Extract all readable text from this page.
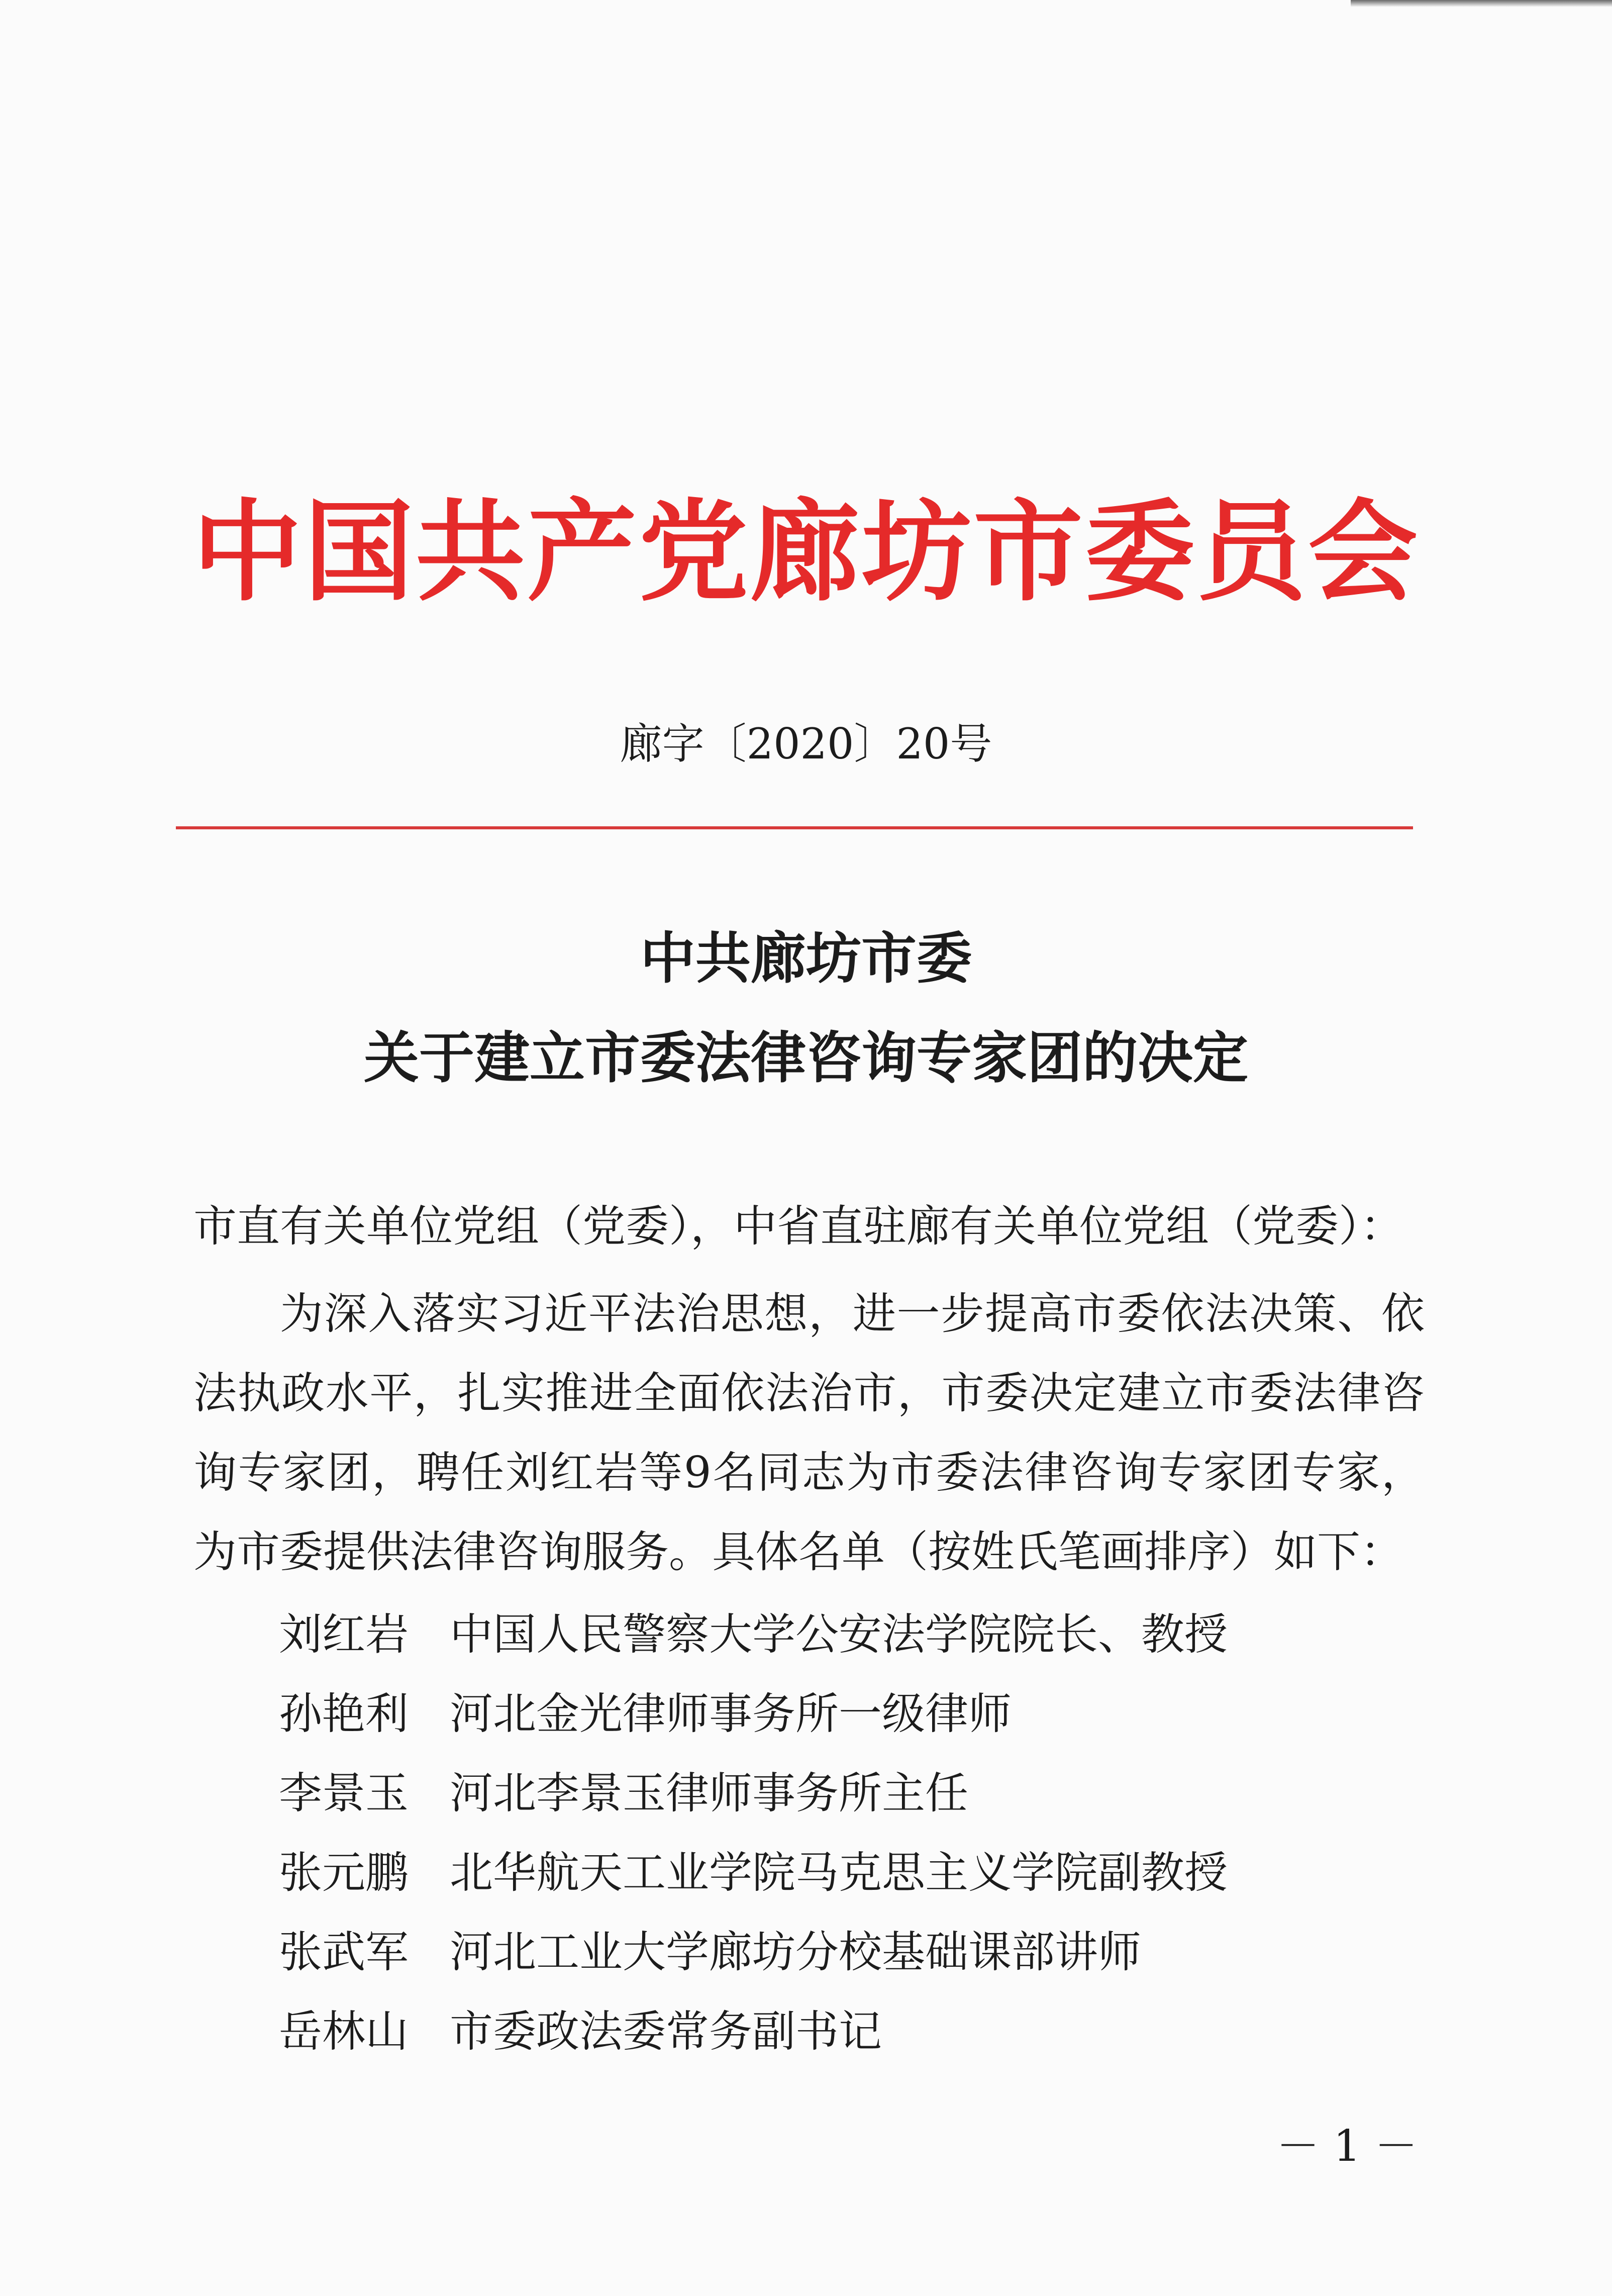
中国共产党廊坊市委员会
廊字〔2020〕20号
中共廊坊市委
关于建立市委法律咨询专家团的决定
市直有关单位党组（党委），中省直驻廊有关单位党组（党委）：
为深入落实习近平法治思想，进一步提高市委依法决策、依法执政水平，扎实推进全面依法治市，市委决定建立市委法律咨询专家团，聘任刘红岩等9名同志为市委法律咨询专家团专家，为市委提供法律咨询服务。具体名单（按姓氏笔画排序）如下：
刘红岩 中国人民警察大学公安法学院院长、教授
孙艳利 河北金光律师事务所一级律师
李景玉 河北李景玉律师事务所主任
张元鹏 北华航天工业学院马克思主义学院副教授
张武军 河北工业大学廊坊分校基础课部讲师
岳林山 市委政法委常务副书记
－ 1 －
